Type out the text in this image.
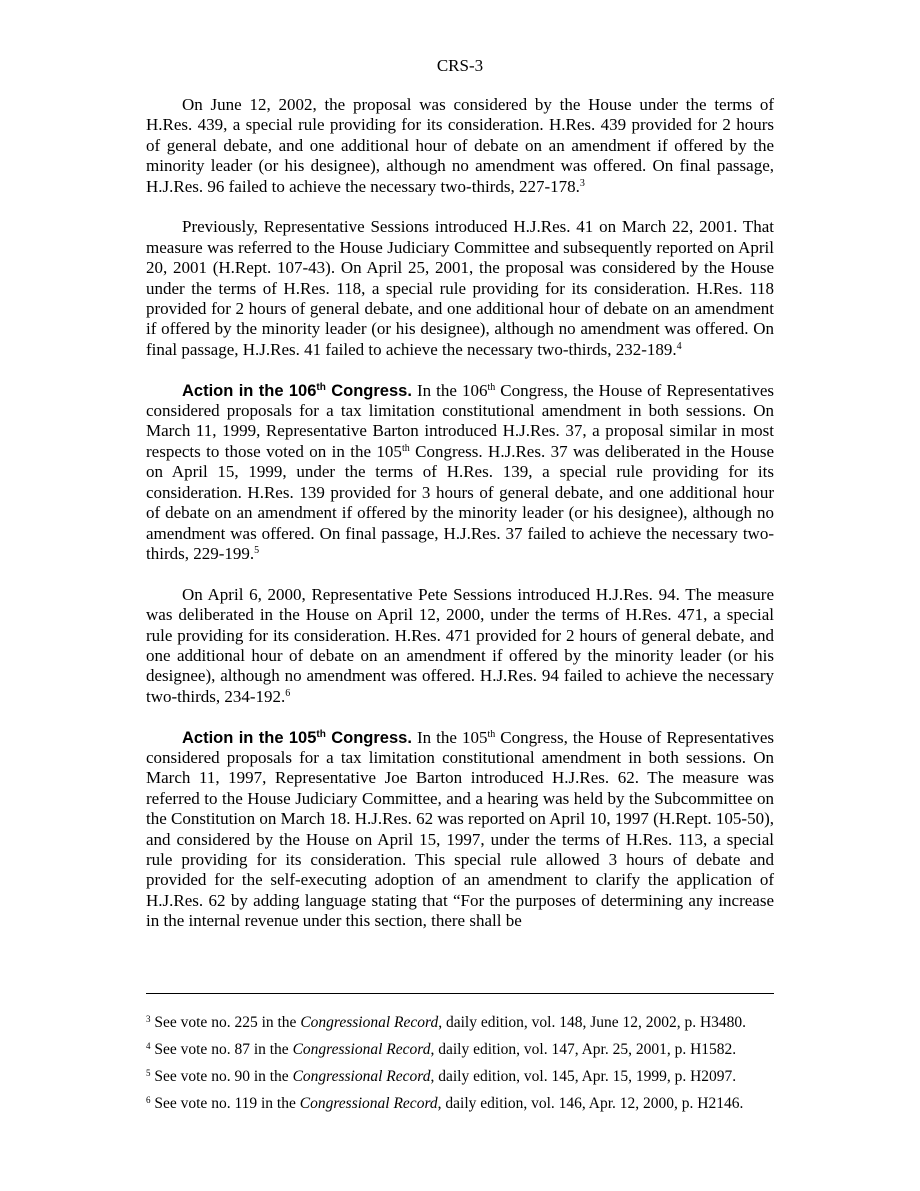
CRS-3

On June 12, 2002, the proposal was considered by the House under the terms of H.Res. 439, a special rule providing for its consideration. H.Res. 439 provided for 2 hours of general debate, and one additional hour of debate on an amendment if offered by the minority leader (or his designee), although no amendment was offered. On final passage, H.J.Res. 96 failed to achieve the necessary two-thirds, 227-178.$^3$

Previously, Representative Sessions introduced H.J.Res. 41 on March 22, 2001. That measure was referred to the House Judiciary Committee and subsequently reported on April 20, 2001 (H.Rept. 107-43). On April 25, 2001, the proposal was considered by the House under the terms of H.Res. 118, a special rule providing for its consideration. H.Res. 118 provided for 2 hours of general debate, and one additional hour of debate on an amendment if offered by the minority leader (or his designee), although no amendment was offered. On final passage, H.J.Res. 41 failed to achieve the necessary two-thirds, 232-189.$^4$

Action in the 106th Congress. In the 106th Congress, the House of Representatives considered proposals for a tax limitation constitutional amendment in both sessions. On March 11, 1999, Representative Barton introduced H.J.Res. 37, a proposal similar in most respects to those voted on in the 105th Congress. H.J.Res. 37 was deliberated in the House on April 15, 1999, under the terms of H.Res. 139, a special rule providing for its consideration. H.Res. 139 provided for 3 hours of general debate, and one additional hour of debate on an amendment if offered by the minority leader (or his designee), although no amendment was offered. On final passage, H.J.Res. 37 failed to achieve the necessary two-thirds, 229-199.$^5$

On April 6, 2000, Representative Pete Sessions introduced H.J.Res. 94. The measure was deliberated in the House on April 12, 2000, under the terms of H.Res. 471, a special rule providing for its consideration. H.Res. 471 provided for 2 hours of general debate, and one additional hour of debate on an amendment if offered by the minority leader (or his designee), although no amendment was offered. H.J.Res. 94 failed to achieve the necessary two-thirds, 234-192.$^6$

Action in the 105th Congress. In the 105th Congress, the House of Representatives considered proposals for a tax limitation constitutional amendment in both sessions. On March 11, 1997, Representative Joe Barton introduced H.J.Res. 62. The measure was referred to the House Judiciary Committee, and a hearing was held by the Subcommittee on the Constitution on March 18. H.J.Res. 62 was reported on April 10, 1997 (H.Rept. 105-50), and considered by the House on April 15, 1997, under the terms of H.Res. 113, a special rule providing for its consideration. This special rule allowed 3 hours of debate and provided for the self-executing adoption of an amendment to clarify the application of H.J.Res. 62 by adding language stating that “For the purposes of determining any increase in the internal revenue under this section, there shall be

$^3$ See vote no. 225 in the Congressional Record, daily edition, vol. 148, June 12, 2002, p. H3480.

$^4$ See vote no. 87 in the Congressional Record, daily edition, vol. 147, Apr. 25, 2001, p. H1582.

$^5$ See vote no. 90 in the Congressional Record, daily edition, vol. 145, Apr. 15, 1999, p. H2097.

$^6$ See vote no. 119 in the Congressional Record, daily edition, vol. 146, Apr. 12, 2000, p. H2146.
